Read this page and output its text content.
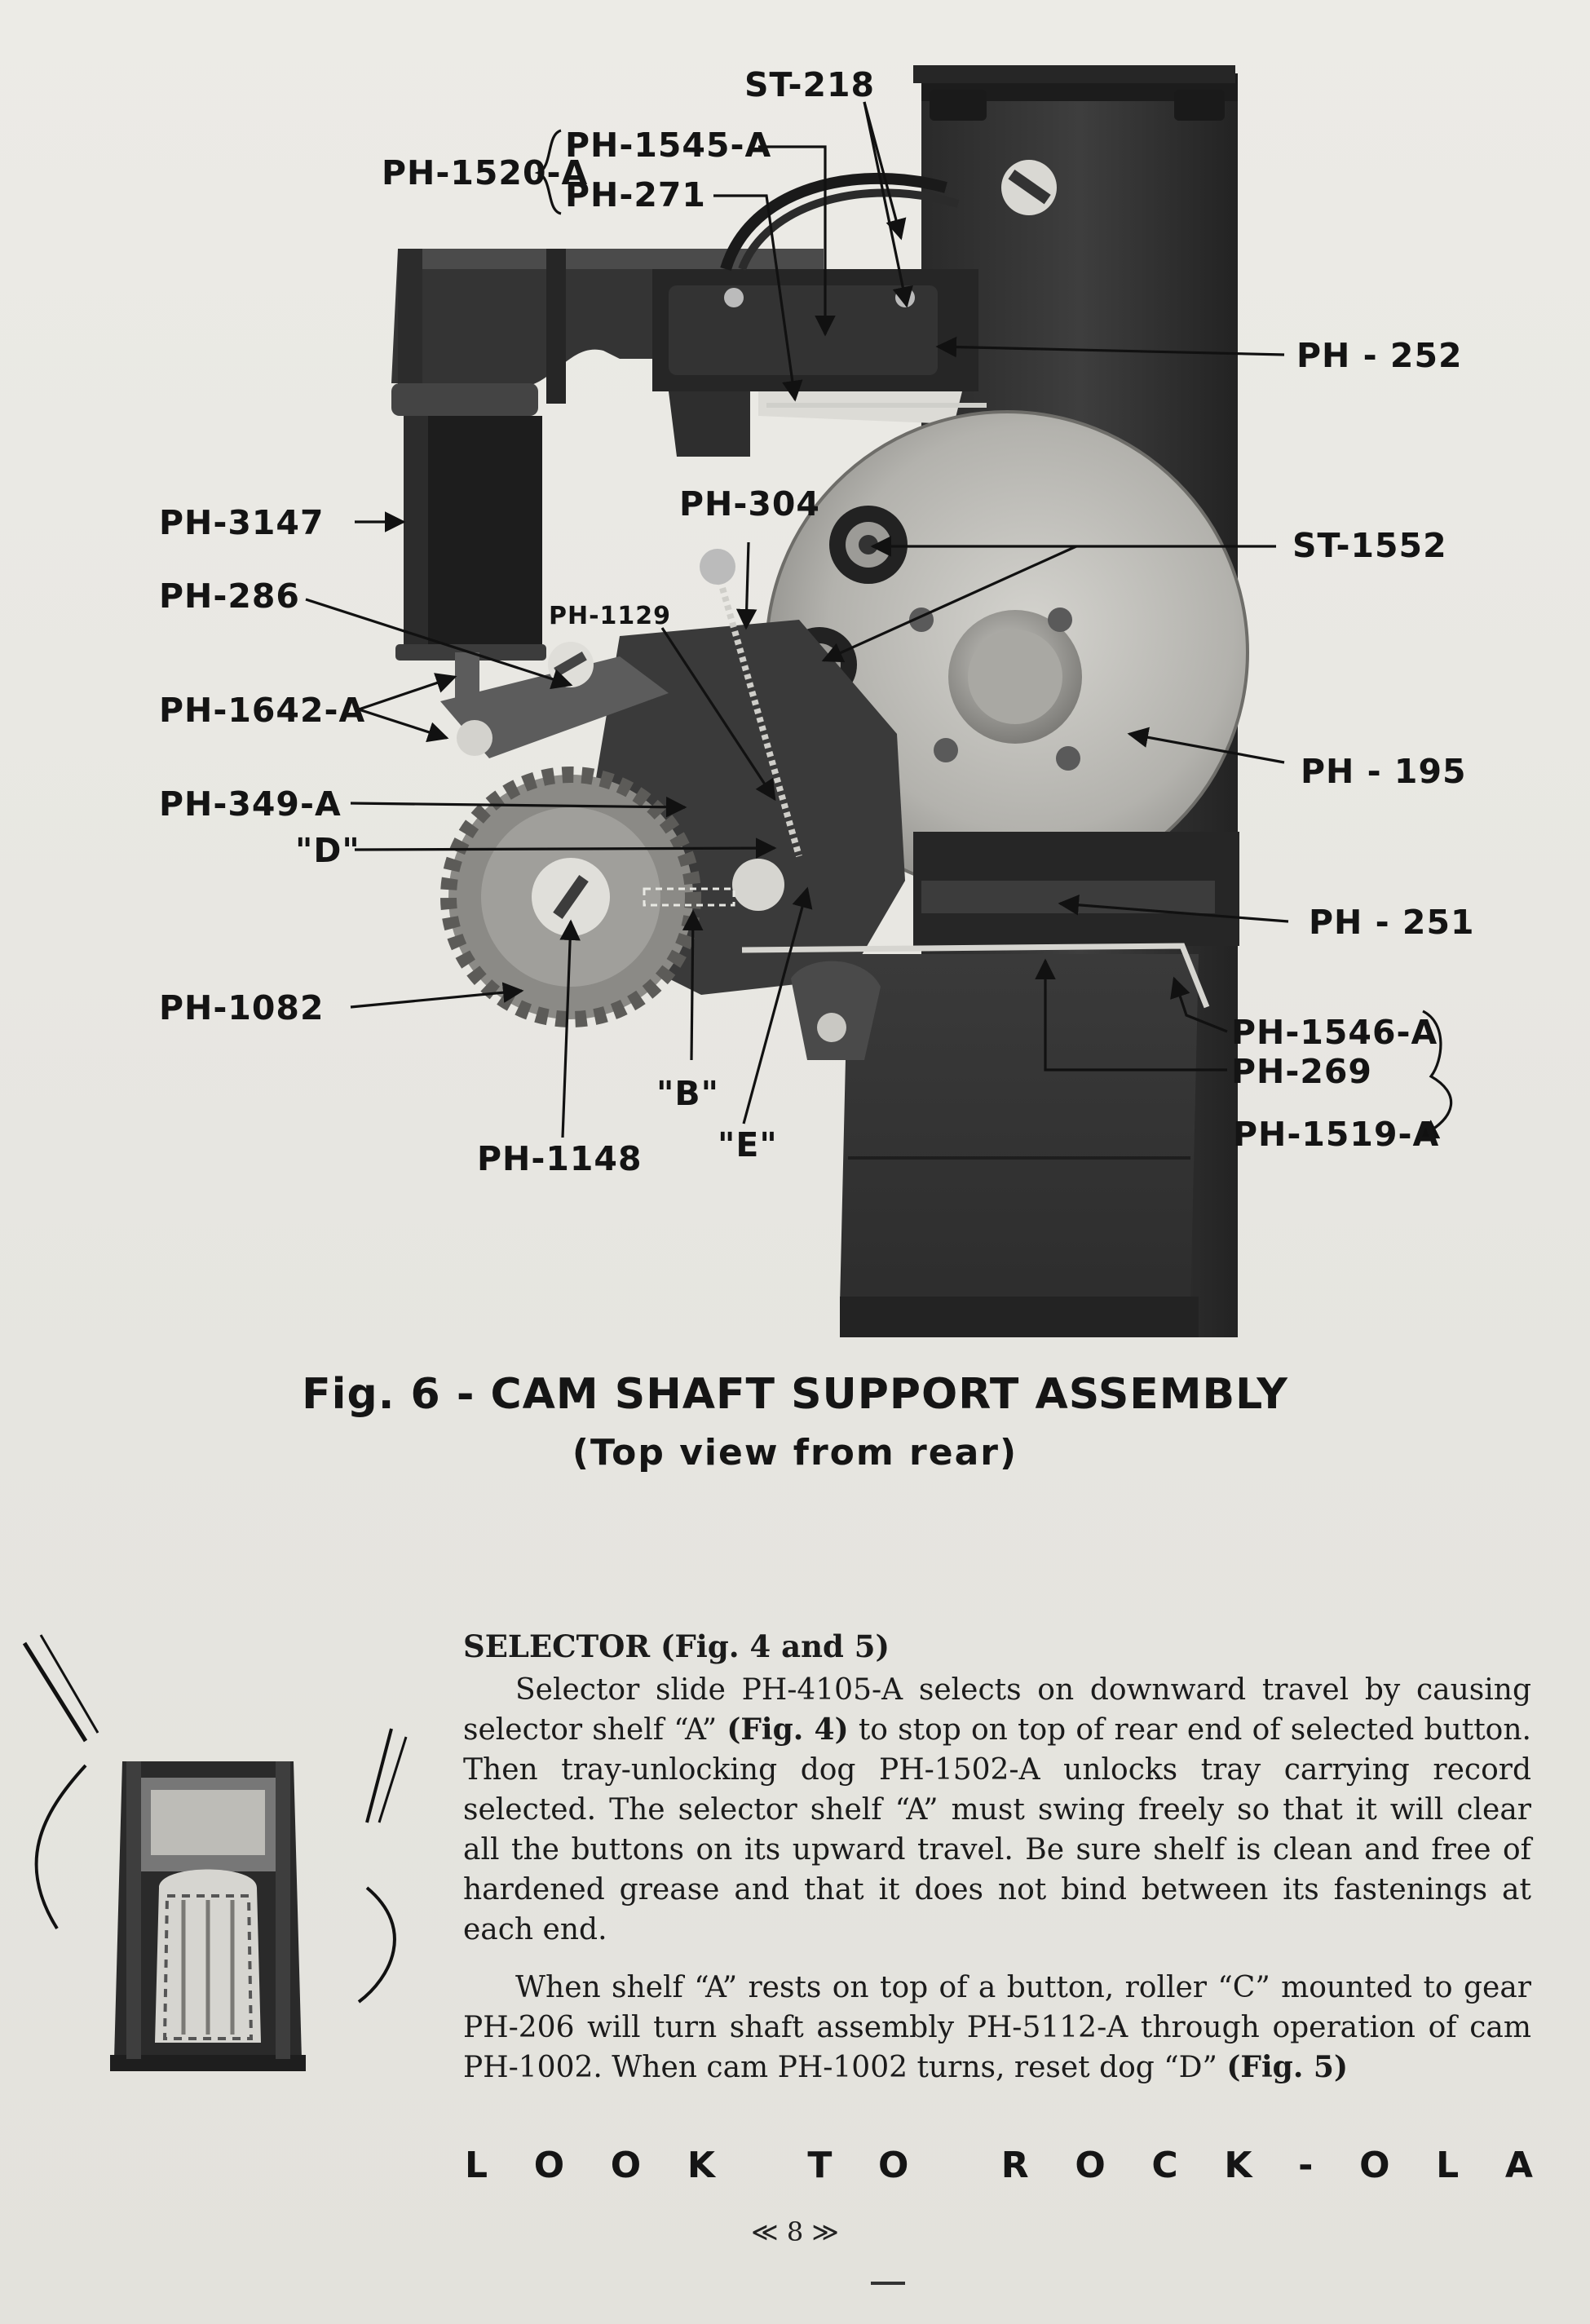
ST-218
PH-1520-A
PH-1545-A
PH-271
PH - 252
PH-3147	PH-304
ST-1552
PH-286
PH-1129
PH-1642-A
PH - 195
PH-349-A
"D"
PH - 251
PH-1082
PH-1546-A
PH-269
PH-1519-A
"B"
"E"
PH-1148
Fig. 6 - CAM SHAFT SUPPORT ASSEMBLY
(Top view from rear)
SELECTOR (Fig. 4 and 5)

Selector slide PH-4105-A selects on downward travel by causing selector shelf “A” (Fig. 4) to stop on top of rear end of selected button. Then tray-unlocking dog PH-1502-A unlocks tray carrying record selected. The selector shelf “A” must swing freely so that it will clear all the buttons on its upward travel. Be sure shelf is clean and free of hardened grease and that it does not bind between its fastenings at each end.

When shelf “A” rests on top of a button, roller “C” mounted to gear PH-206 will turn shaft assembly PH-5112-A through operation of cam PH-1002. When cam PH-1002 turns, reset dog “D” (Fig. 5)

L O O K	T O	R O C K - O L A
≪ 8 ≫
